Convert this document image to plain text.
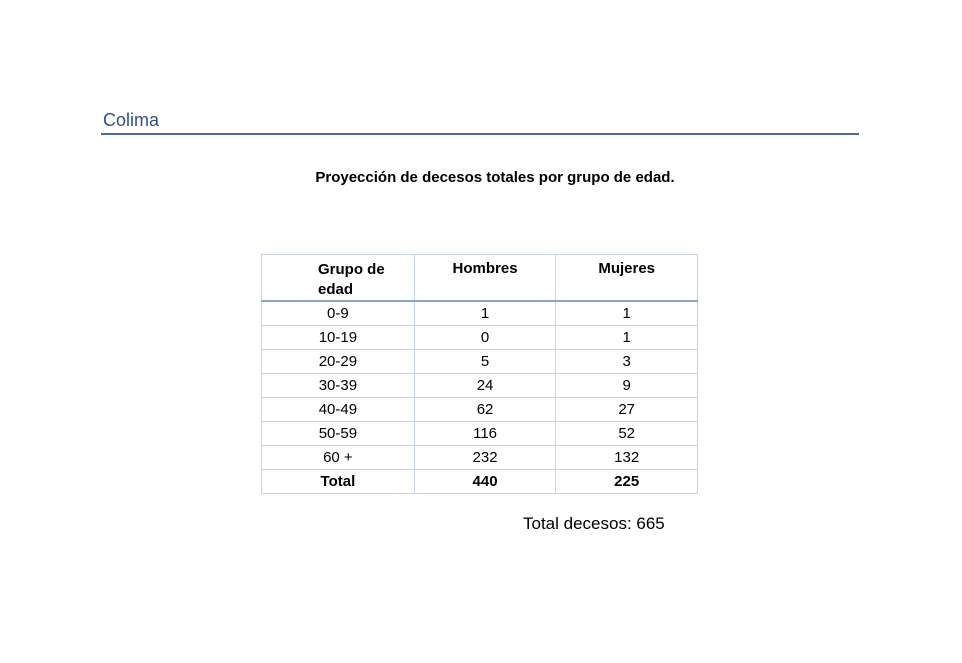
Colima

Proyección de decesos totales por grupo de edad.

Grupo de edad	Hombres	Mujeres
0-9	1	1
10-19	0	1
20-29	5	3
30-39	24	9
40-49	62	27
50-59	116	52
60 +	232	132
Total	440	225

Total decesos: 665
